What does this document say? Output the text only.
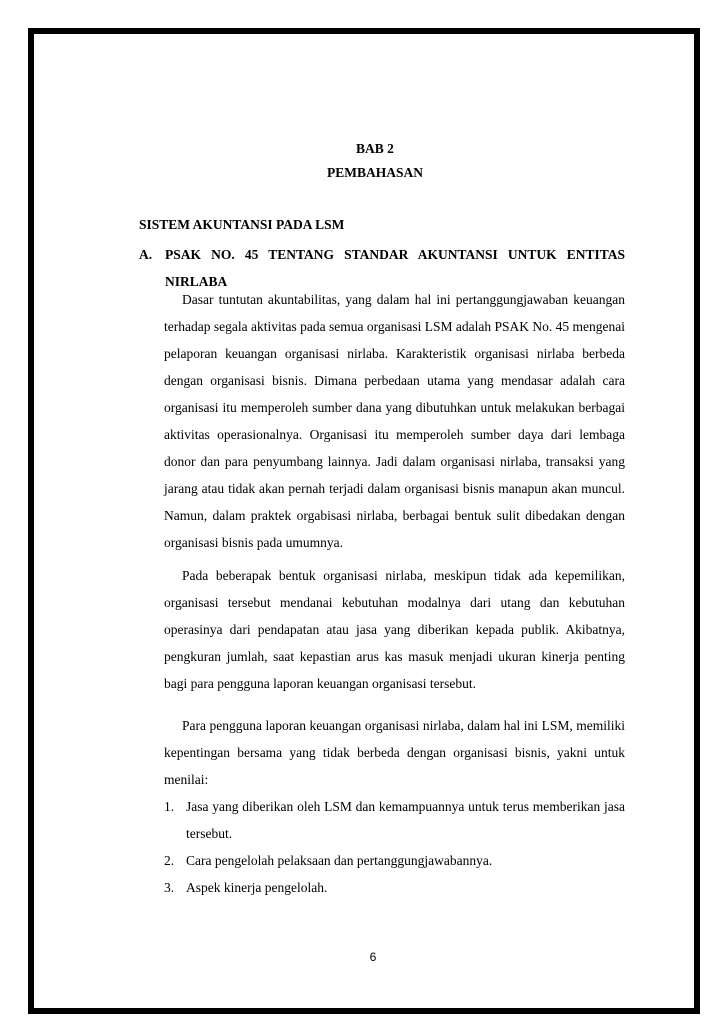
BAB 2
PEMBAHASAN
SISTEM AKUNTANSI PADA LSM
A. PSAK NO. 45 TENTANG STANDAR AKUNTANSI UNTUK ENTITAS NIRLABA

Dasar tuntutan akuntabilitas, yang dalam hal ini pertanggungjawaban keuangan terhadap segala aktivitas pada semua organisasi LSM adalah PSAK No. 45 mengenai pelaporan keuangan organisasi nirlaba. Karakteristik organisasi nirlaba berbeda dengan organisasi bisnis. Dimana perbedaan utama yang mendasar adalah cara organisasi itu memperoleh sumber dana yang dibutuhkan untuk melakukan berbagai aktivitas operasionalnya. Organisasi itu memperoleh sumber daya dari lembaga donor dan para penyumbang lainnya. Jadi dalam organisasi nirlaba, transaksi yang jarang atau tidak akan pernah terjadi dalam organisasi bisnis manapun akan muncul. Namun, dalam praktek orgabisasi nirlaba, berbagai bentuk sulit dibedakan dengan organisasi bisnis pada umumnya.

Pada beberapak bentuk organisasi nirlaba, meskipun tidak ada kepemilikan, organisasi tersebut mendanai kebutuhan modalnya dari utang dan kebutuhan operasinya dari pendapatan atau jasa yang diberikan kepada publik. Akibatnya, pengkuran jumlah, saat kepastian arus kas masuk menjadi ukuran kinerja penting bagi para pengguna laporan keuangan organisasi tersebut.

Para pengguna laporan keuangan organisasi nirlaba, dalam hal ini LSM, memiliki kepentingan bersama yang tidak berbeda dengan organisasi bisnis, yakni untuk menilai:

1. Jasa yang diberikan oleh LSM dan kemampuannya untuk terus memberikan jasa tersebut.
2. Cara pengelolah pelaksaan dan pertanggungjawabannya.
3. Aspek kinerja pengelolah.
6
